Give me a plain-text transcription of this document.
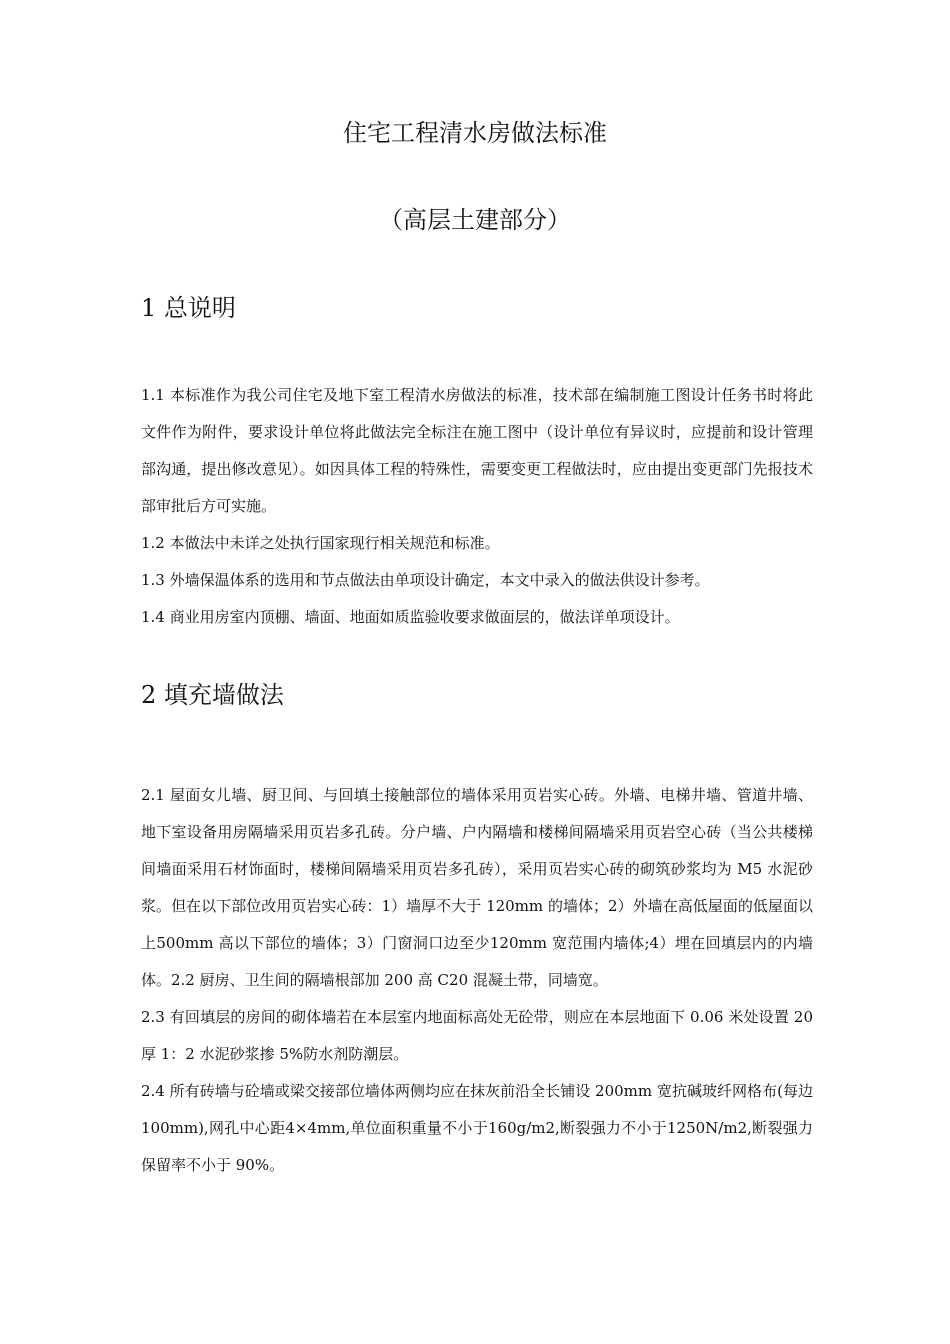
住宅工程清水房做法标准
（高层土建部分）
1 总说明

1.1 本标准作为我公司住宅及地下室工程清水房做法的标准，技术部在编制施工图设计任务书时将此文件作为附件，要求设计单位将此做法完全标注在施工图中（设计单位有异议时，应提前和设计管理部沟通，提出修改意见）。如因具体工程的特殊性，需要变更工程做法时，应由提出变更部门先报技术部审批后方可实施。

1.2 本做法中未详之处执行国家现行相关规范和标准。

1.3 外墙保温体系的选用和节点做法由单项设计确定，本文中录入的做法供设计参考。

1.4 商业用房室内顶棚、墙面、地面如质监验收要求做面层的，做法详单项设计。

2 填充墙做法

2.1 屋面女儿墙、厨卫间、与回填土接触部位的墙体采用页岩实心砖。外墙、电梯井墙、管道井墙、地下室设备用房隔墙采用页岩多孔砖。分户墙、户内隔墙和楼梯间隔墙采用页岩空心砖（当公共楼梯间墙面采用石材饰面时，楼梯间隔墙采用页岩多孔砖），采用页岩实心砖的砌筑砂浆均为 M5 水泥砂浆。但在以下部位改用页岩实心砖：1）墙厚不大于 120mm 的墙体；2）外墙在高低屋面的低屋面以上500mm 高以下部位的墙体；3）门窗洞口边至少120mm 宽范围内墙体;4）埋在回填层内的内墙体。2.2 厨房、卫生间的隔墙根部加 200 高 C20 混凝土带，同墙宽。

2.3 有回填层的房间的砌体墙若在本层室内地面标高处无砼带，则应在本层地面下 0.06 米处设置 20 厚 1：2 水泥砂浆掺 5%防水剂防潮层。

2.4 所有砖墙与砼墙或梁交接部位墙体两侧均应在抹灰前沿全长铺设 200mm 宽抗碱玻纤网格布(每边100mm),网孔中心距4×4mm,单位面积重量不小于160g/m2,断裂强力不小于1250N/m2,断裂强力保留率不小于 90%。
